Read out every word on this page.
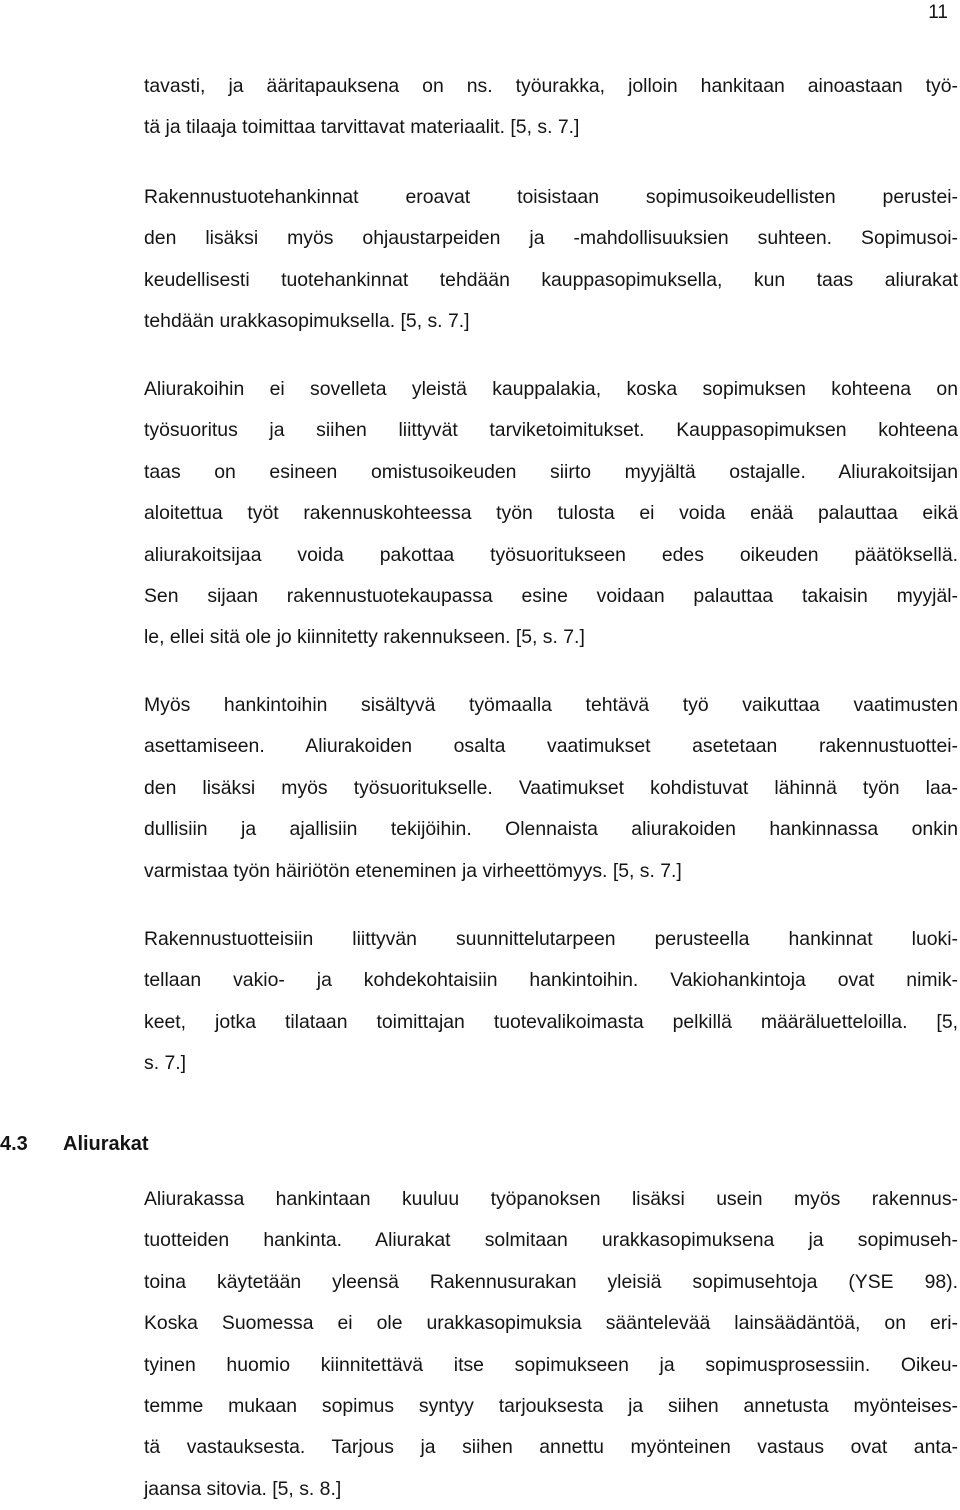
11
tavasti, ja ääritapauksena on ns. työurakka, jolloin hankitaan ainoastaan työ-
tä ja tilaaja toimittaa tarvittavat materiaalit. [5, s. 7.]
Rakennustuotehankinnat eroavat toisistaan sopimusoikeudellisten perustei-
den lisäksi myös ohjaustarpeiden ja -mahdollisuuksien suhteen. Sopimusoi-
keudellisesti tuotehankinnat tehdään kauppasopimuksella, kun taas aliurakat
tehdään urakkasopimuksella. [5, s. 7.]
Aliurakoihin ei sovelleta yleistä kauppalakia, koska sopimuksen kohteena on
työsuoritus ja siihen liittyvät tarviketoimitukset. Kauppasopimuksen kohteena
taas on esineen omistusoikeuden siirto myyjältä ostajalle. Aliurakoitsijan
aloitettua työt rakennuskohteessa työn tulosta ei voida enää palauttaa eikä
aliurakoitsijaa voida pakottaa työsuoritukseen edes oikeuden päätöksellä.
Sen sijaan rakennustuotekaupassa esine voidaan palauttaa takaisin myyjäl-
le, ellei sitä ole jo kiinnitetty rakennukseen. [5, s. 7.]
Myös hankintoihin sisältyvä työmaalla tehtävä työ vaikuttaa vaatimusten
asettamiseen. Aliurakoiden osalta vaatimukset asetetaan rakennustuottei-
den lisäksi myös työsuoritukselle. Vaatimukset kohdistuvat lähinnä työn laa-
dullisiin ja ajallisiin tekijöihin. Olennaista aliurakoiden hankinnassa onkin
varmistaa työn häiriötön eteneminen ja virheettömyys. [5, s. 7.]
Rakennustuotteisiin liittyvän suunnittelutarpeen perusteella hankinnat luoki-
tellaan vakio- ja kohdekohtaisiin hankintoihin. Vakiohankintoja ovat nimik-
keet, jotka tilataan toimittajan tuotevalikoimasta pelkillä määräluetteloilla. [5,
s. 7.]
4.3 Aliurakat
Aliurakassa hankintaan kuuluu työpanoksen lisäksi usein myös rakennus-
tuotteiden hankinta. Aliurakat solmitaan urakkasopimuksena ja sopimuseh-
toina käytetään yleensä Rakennusurakan yleisiä sopimusehtoja (YSE 98).
Koska Suomessa ei ole urakkasopimuksia sääntelevää lainsäädäntöä, on eri-
tyinen huomio kiinnitettävä itse sopimukseen ja sopimusprosessiin. Oikeu-
temme mukaan sopimus syntyy tarjouksesta ja siihen annetusta myönteises-
tä vastauksesta. Tarjous ja siihen annettu myönteinen vastaus ovat anta-
jaansa sitovia. [5, s. 8.]
